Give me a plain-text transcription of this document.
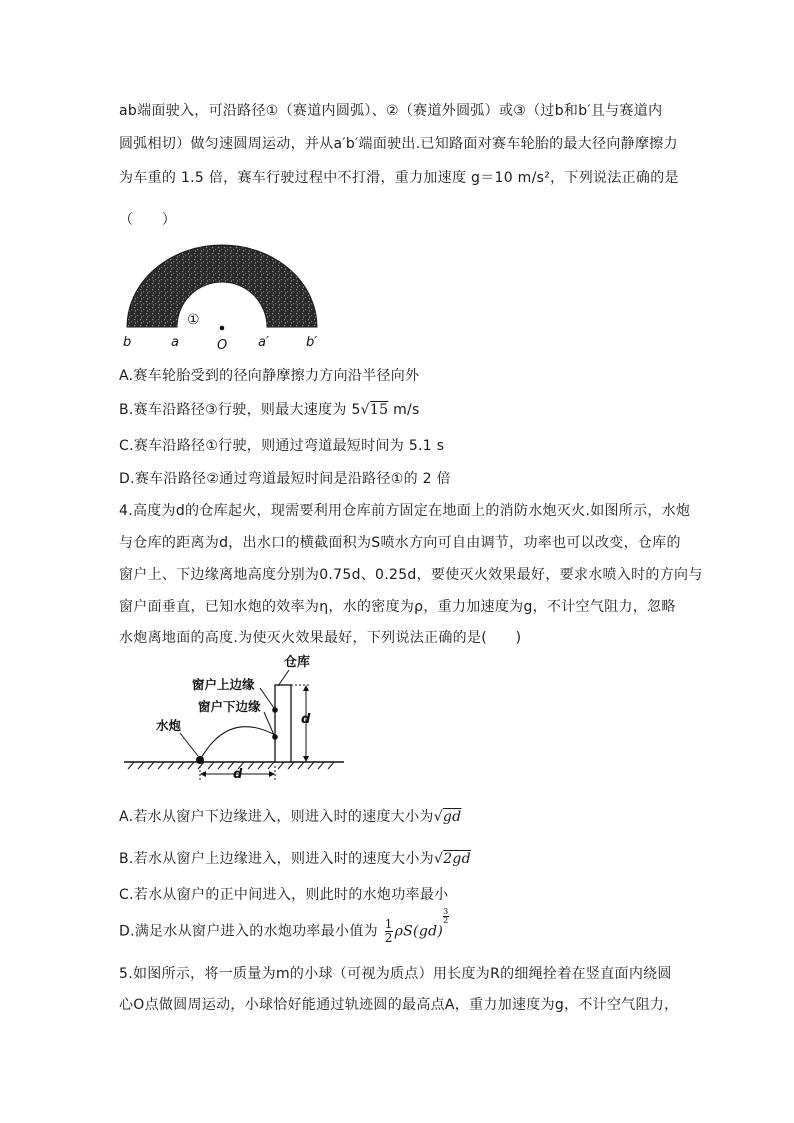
ab端面驶入，可沿路径①（赛道内圆弧）、②（赛道外圆弧）或③（过b和b′且与赛道内
圆弧相切）做匀速圆周运动，并从a′b′端面驶出.已知路面对赛车轮胎的最大径向静摩擦力
为车重的 1.5 倍，赛车行驶过程中不打滑，重力加速度 g＝10 m/s²，下列说法正确的是
（　　）
①
b	a	O a′	b′
A.赛车轮胎受到的径向静摩擦力方向沿半径向外
B.赛车沿路径③行驶，则最大速度为 5√15 m/s
C.赛车沿路径①行驶，则通过弯道最短时间为 5.1 s
D.赛车沿路径②通过弯道最短时间是沿路径①的 2 倍
4.高度为d的仓库起火，现需要利用仓库前方固定在地面上的消防水炮灭火.如图所示，水炮
与仓库的距离为d，出水口的横截面积为S喷水方向可自由调节，功率也可以改变，仓库的
窗户上、下边缘离地高度分别为0.75d、0.25d，要使灭火效果最好，要求水喷入时的方向与
窗户面垂直，已知水炮的效率为η，水的密度为ρ，重力加速度为g，不计空气阻力，忽略
水炮离地面的高度.为使灭火效果最好，下列说法正确的是(　　)
d
d
仓库
窗户上边缘
窗户下边缘
水炮
A.若水从窗户下边缘进入，则进入时的速度大小为√gd
B.若水从窗户上边缘进入，则进入时的速度大小为√2gd
C.若水从窗户的正中间进入，则此时的水炮功率最小
D.满足水从窗户进入的水炮功率最小值为 $\frac{1}{2} \rho S(gd)$
$\frac{3}{2}$
5.如图所示，将一质量为m的小球（可视为质点）用长度为R的细绳拴着在竖直面内绕圆
心O点做圆周运动，小球恰好能通过轨迹圆的最高点A，重力加速度为g，不计空气阻力，
